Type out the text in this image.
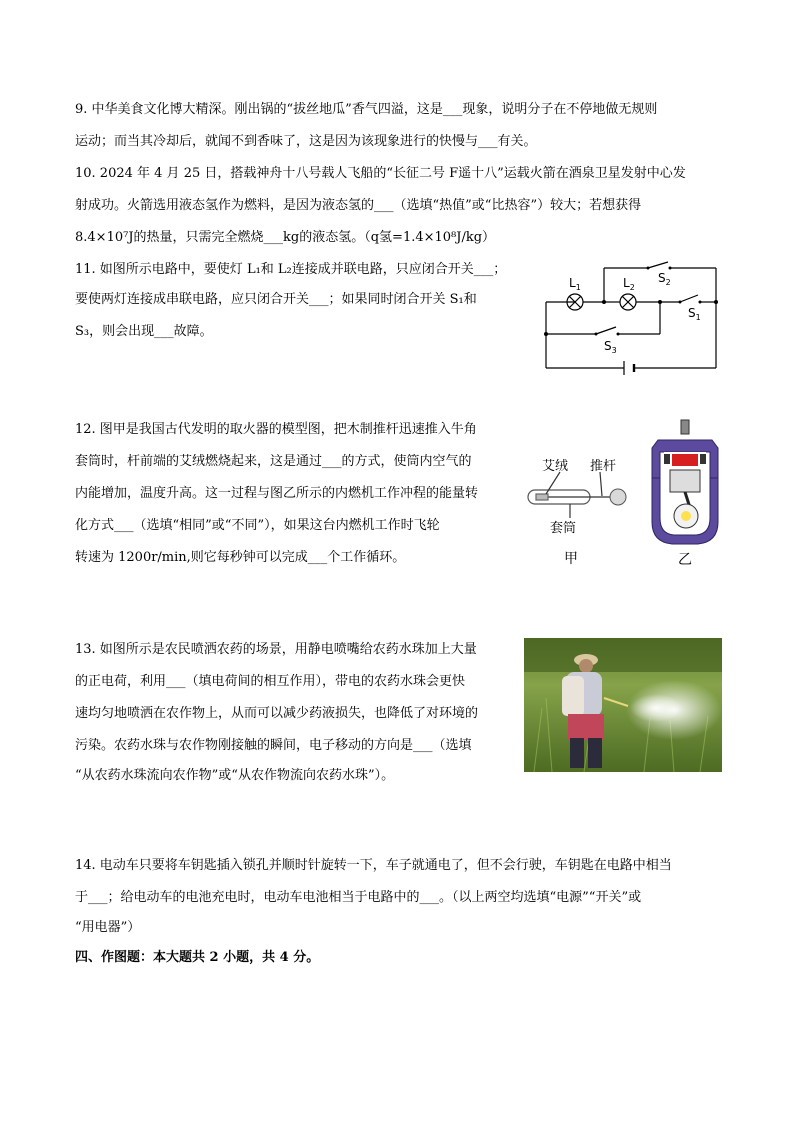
9. 中华美食文化博大精深。刚出锅的“拔丝地瓜”香气四溢，这是___现象，说明分子在不停地做无规则
运动；而当其冷却后，就闻不到香味了，这是因为该现象进行的快慢与___有关。
10. 2024 年 4 月 25 日，搭载神舟十八号载人飞船的“长征二号 F遥十八”运载火箭在酒泉卫星发射中心发
射成功。火箭选用液态氢作为燃料，是因为液态氢的___（选填“热值”或“比热容”）较大；若想获得
8.4×10⁷J的热量，只需完全燃烧___kg的液态氢。（q氢=1.4×10⁸J/kg）
11. 如图所示电路中，要使灯 L₁和 L₂连接成并联电路，只应闭合开关___；
要使两灯连接成串联电路，应只闭合开关___；如果同时闭合开关 S₁和
S₃，则会出现___故障。
$L_1$	$L_2$
$S_2$
$S_1$
$S_3$
12. 图甲是我国古代发明的取火器的模型图，把木制推杆迅速推入牛角
套筒时，杆前端的艾绒燃烧起来，这是通过___的方式，使筒内空气的
内能增加，温度升高。这一过程与图乙所示的内燃机工作冲程的能量转
化方式___（选填“相同”或“不同”），如果这台内燃机工作时飞轮
转速为 1200r/min,则它每秒钟可以完成___个工作循环。
艾绒 推杆
套筒
甲	乙
13. 如图所示是农民喷洒农药的场景，用静电喷嘴给农药水珠加上大量
的正电荷，利用___（填电荷间的相互作用），带电的农药水珠会更快
速均匀地喷洒在农作物上，从而可以减少药液损失，也降低了对环境的
污染。农药水珠与农作物刚接触的瞬间，电子移动的方向是___（选填
“从农药水珠流向农作物”或“从农作物流向农药水珠”）。
14. 电动车只要将车钥匙插入锁孔并顺时针旋转一下，车子就通电了，但不会行驶，车钥匙在电路中相当
于___；给电动车的电池充电时，电动车电池相当于电路中的___。（以上两空均选填“电源”“开关”或
“用电器”）
四、作图题：本大题共 2 小题，共 4 分。
